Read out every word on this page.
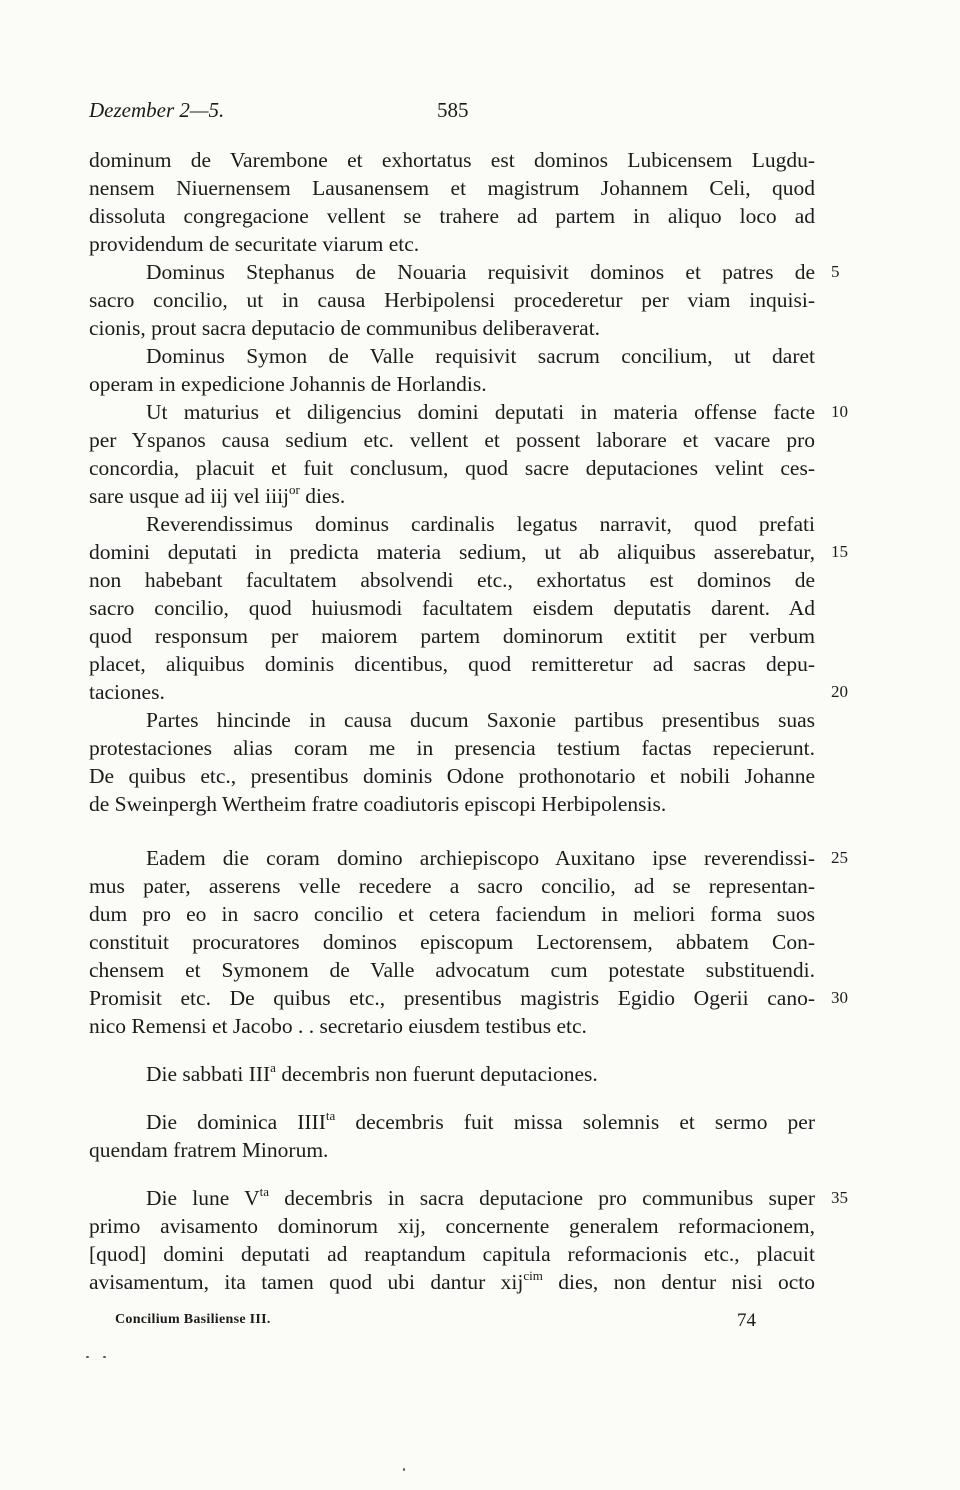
Dezember 2—5.	585
dominum de Varembone et exhortatus est dominos Lubicensem Lugdu-
nensem Niuernensem Lausanensem et magistrum Johannem Celi, quod
dissoluta congregacione vellent se trahere ad partem in aliquo loco ad
providendum de securitate viarum etc.
Dominus Stephanus de Nouaria requisivit dominos et patres de 5
sacro concilio, ut in causa Herbipolensi procederetur per viam inquisi-
cionis, prout sacra deputacio de communibus deliberaverat.
Dominus Symon de Valle requisivit sacrum concilium, ut daret
operam in expedicione Johannis de Horlandis.
Ut maturius et diligencius domini deputati in materia offense facte 10
per Yspanos causa sedium etc. vellent et possent laborare et vacare pro
concordia, placuit et fuit conclusum, quod sacre deputaciones velint ces-
sare usque ad iij vel iiij$^{or}$ dies.
Reverendissimus dominus cardinalis legatus narravit, quod prefati
domini deputati in predicta materia sedium, ut ab aliquibus asserebatur, 15
non habebant facultatem absolvendi etc., exhortatus est dominos de
sacro concilio, quod huiusmodi facultatem eisdem deputatis darent. Ad
quod responsum per maiorem partem dominorum extitit per verbum
placet, aliquibus dominis dicentibus, quod remitteretur ad sacras depu-
taciones.	20
Partes hincinde in causa ducum Saxonie partibus presentibus suas
protestaciones alias coram me in presencia testium factas repecierunt.
De quibus etc., presentibus dominis Odone prothonotario et nobili Johanne
de Sweinpergh Wertheim fratre coadiutoris episcopi Herbipolensis.
Eadem die coram domino archiepiscopo Auxitano ipse reverendissi- 25
mus pater, asserens velle recedere a sacro concilio, ad se representan-
dum pro eo in sacro concilio et cetera faciendum in meliori forma suos
constituit procuratores dominos episcopum Lectorensem, abbatem Con-
chensem et Symonem de Valle advocatum cum potestate substituendi.
Promisit etc. De quibus etc., presentibus magistris Egidio Ogerii cano- 30
nico Remensi et Jacobo . . secretario eiusdem testibus etc.
Die sabbati III$^a$ decembris non fuerunt deputaciones.
Die dominica $IIII^{ta}$ decembris fuit missa solemnis et sermo per
quendam fratrem Minorum.
Die lune $V^{ta}$ decembris in sacra deputacione pro communibus super 35
primo avisamento dominorum xij, concernente generalem reformacionem,
[quod] domini deputati ad reaptandum capitula reformacionis etc., placuit
avisamentum, ita tamen quod ubi dantur xij$^{cim}$ dies, non dentur nisi octo
Concilium Basiliense III.	74
